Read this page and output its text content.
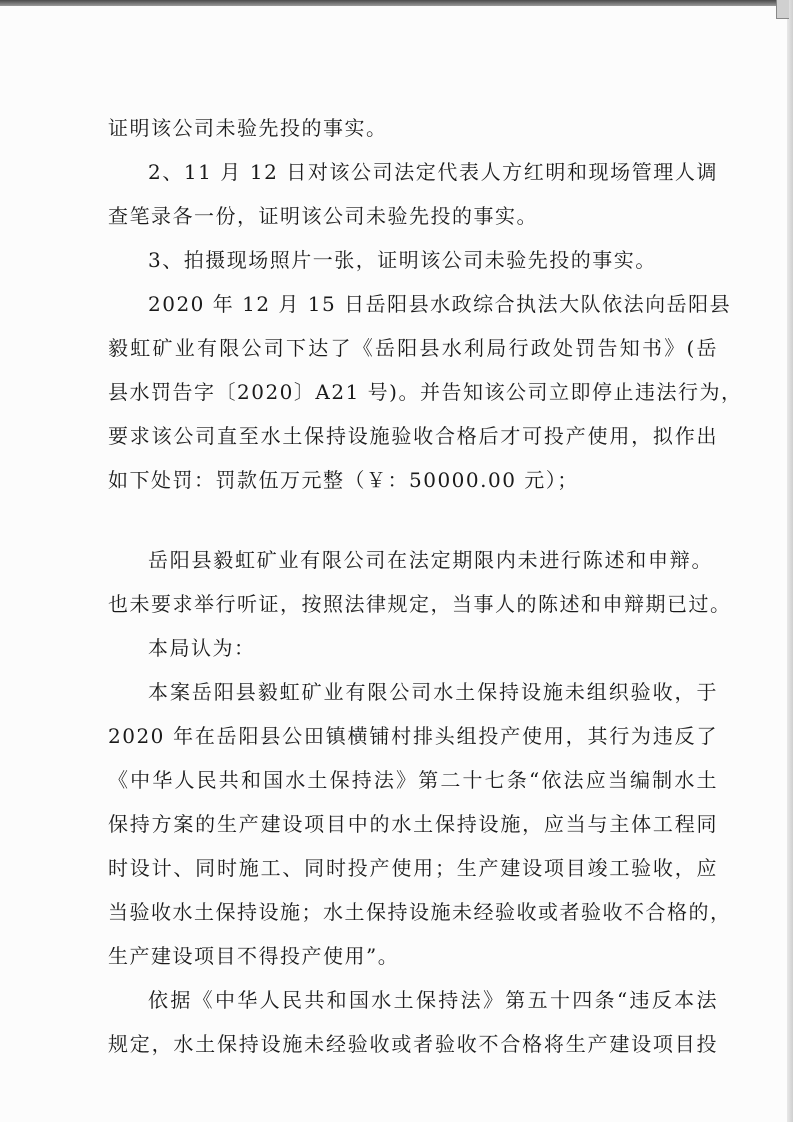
证明该公司未验先投的事实。
2、11 月 12 日对该公司法定代表人方红明和现场管理人调
查笔录各一份，证明该公司未验先投的事实。
3、拍摄现场照片一张，证明该公司未验先投的事实。
2020 年 12 月 15 日岳阳县水政综合执法大队依法向岳阳县
毅虹矿业有限公司下达了《岳阳县水利局行政处罚告知书》(岳
县水罚告字〔2020〕A21 号)。并告知该公司立即停止违法行为，
要求该公司直至水土保持设施验收合格后才可投产使用，拟作出
如下处罚：罚款伍万元整（￥：50000.00 元）；
岳阳县毅虹矿业有限公司在法定期限内未进行陈述和申辩。
也未要求举行听证，按照法律规定，当事人的陈述和申辩期已过。
本局认为：
本案岳阳县毅虹矿业有限公司水土保持设施未组织验收，于
2020 年在岳阳县公田镇横铺村排头组投产使用，其行为违反了
《中华人民共和国水土保持法》第二十七条“依法应当编制水土
保持方案的生产建设项目中的水土保持设施，应当与主体工程同
时设计、同时施工、同时投产使用；生产建设项目竣工验收，应
当验收水土保持设施；水土保持设施未经验收或者验收不合格的，
生产建设项目不得投产使用”。
依据《中华人民共和国水土保持法》第五十四条“违反本法
规定，水土保持设施未经验收或者验收不合格将生产建设项目投
